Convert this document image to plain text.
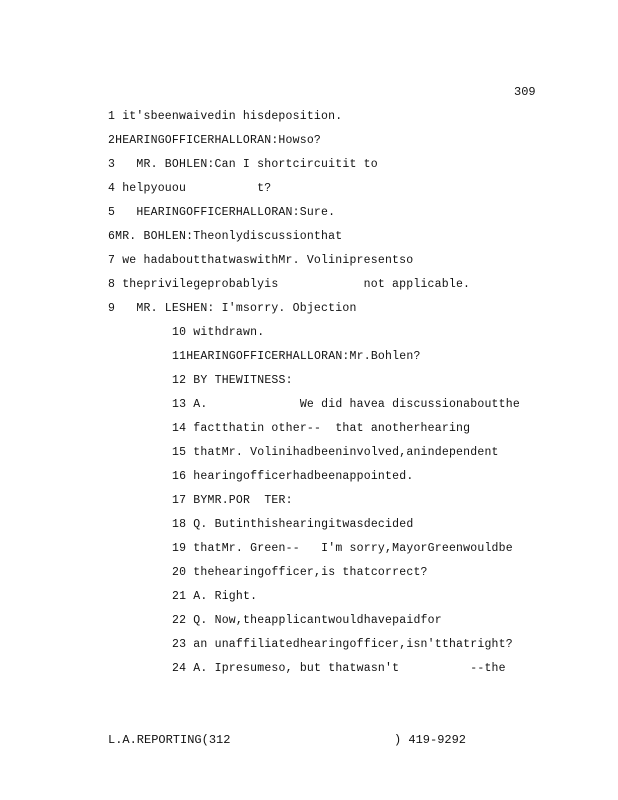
309
1 it'sbeenwaivedin hisdeposition.
2HEARINGOFFICERHALLORAN:Howso?
3   MR. BOHLEN:Can I shortcircuitit to
4 helpyouou          t?
5   HEARINGOFFICERHALLORAN:Sure.
6MR. BOHLEN:Theonlydiscussionthat
7 we hadaboutthatwaswithMr. Volinipresentso
8 theprivilegeprobablyis            not applicable.
9   MR. LESHEN: I'msorry. Objection
10 withdrawn.
11HEARINGOFFICERHALLORAN:Mr.Bohlen?
12 BY THEWITNESS:
13 A.             We did havea discussionaboutthe
14 factthatin other--  that anotherhearing
15 thatMr. Volinihadbeeninvolved,anindependent
16 hearingofficerhadbeenappointed.
17 BYMR.POR  TER:
18 Q. Butinthishearingitwasdecided
19 thatMr. Green--   I'm sorry,MayorGreenwouldbe
20 thehearingofficer,is thatcorrect?
21 A. Right.
22 Q. Now,theapplicantwouldhavepaidfor
23 an unaffiliatedhearingofficer,isn'tthatright?
24 A. Ipresumeso, but thatwasn't          --the
L.A.REPORTING(312	) 419-9292
